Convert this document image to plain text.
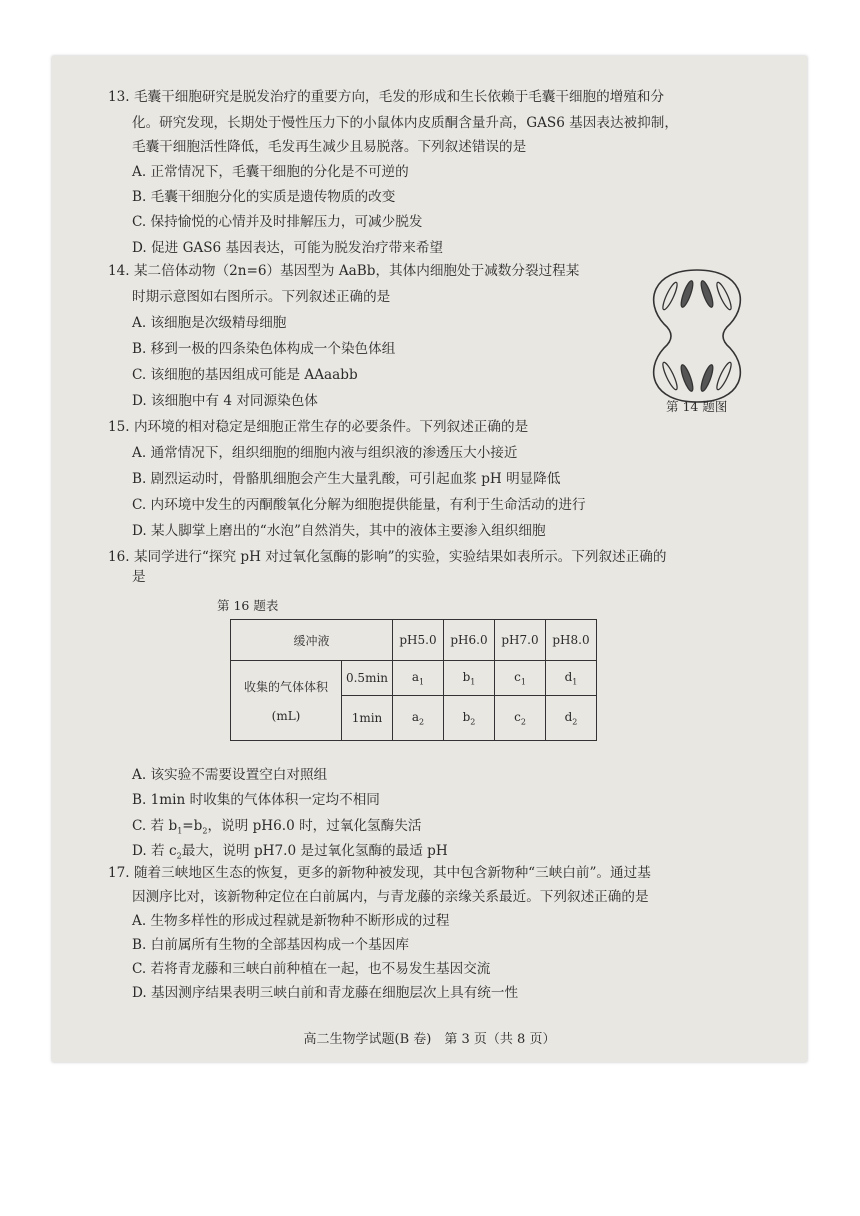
13. 毛囊干细胞研究是脱发治疗的重要方向，毛发的形成和生长依赖于毛囊干细胞的增殖和分
化。研究发现，长期处于慢性压力下的小鼠体内皮质酮含量升高，GAS6 基因表达被抑制，
毛囊干细胞活性降低，毛发再生减少且易脱落。下列叙述错误的是
A. 正常情况下，毛囊干细胞的分化是不可逆的
B. 毛囊干细胞分化的实质是遗传物质的改变
C. 保持愉悦的心情并及时排解压力，可减少脱发
D. 促进 GAS6 基因表达，可能为脱发治疗带来希望
14. 某二倍体动物（2n=6）基因型为 AaBb，其体内细胞处于减数分裂过程某
时期示意图如右图所示。下列叙述正确的是
A. 该细胞是次级精母细胞
B. 移到一极的四条染色体构成一个染色体组
C. 该细胞的基因组成可能是 AAaabb
D. 该细胞中有 4 对同源染色体	第 14 题图
15. 内环境的相对稳定是细胞正常生存的必要条件。下列叙述正确的是
A. 通常情况下，组织细胞的细胞内液与组织液的渗透压大小接近
B. 剧烈运动时，骨骼肌细胞会产生大量乳酸，可引起血浆 pH 明显降低
C. 内环境中发生的丙酮酸氧化分解为细胞提供能量，有利于生命活动的进行
D. 某人脚掌上磨出的“水泡”自然消失，其中的液体主要渗入组织细胞
16. 某同学进行“探究 pH 对过氧化氢酶的影响”的实验，实验结果如表所示。下列叙述正确的
是
第 16 题表
缓冲液		pH5.0	pH6.0	pH7.0	pH8.0

收集的气体体积
(mL)	0.5min	$a_1$	$b_1$	$c_1$	$d_1$
	1min	$a_2$	$b_2$	$c_2$	$d_2$
A. 该实验不需要设置空白对照组
B. 1min 时收集的气体体积一定均不相同
C. 若 $b_1=b_2$，说明 pH6.0 时，过氧化氢酶失活
D. 若 $c_2$最大，说明 pH7.0 是过氧化氢酶的最适 pH
17. 随着三峡地区生态的恢复，更多的新物种被发现，其中包含新物种“三峡白前”。通过基
因测序比对，该新物种定位在白前属内，与青龙藤的亲缘关系最近。下列叙述正确的是
A. 生物多样性的形成过程就是新物种不断形成的过程
B. 白前属所有生物的全部基因构成一个基因库
C. 若将青龙藤和三峡白前种植在一起，也不易发生基因交流
D. 基因测序结果表明三峡白前和青龙藤在细胞层次上具有统一性
高二生物学试题(B 卷)　第 3 页（共 8 页）
